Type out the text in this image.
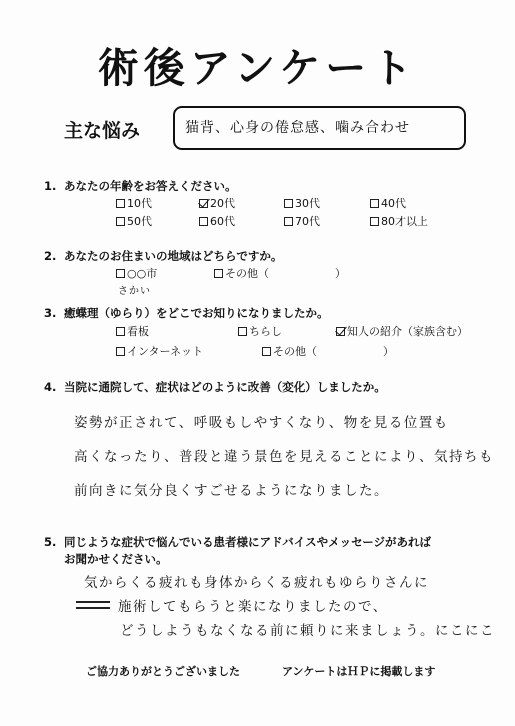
術後アンケート
主な悩み	猫背、心身の倦怠感、噛み合わせ
1. あなたの年齢をお答えください。
10代	20代	30代	40代
50代	60代	70代	80才以上
2. あなたのお住まいの地域はどちらですか。
○○市	その他（　　　　　　）
さかい
3. 癒蝶理（ゆらり）をどこでお知りになりましたか。
看板	ちらし	知人の紹介（家族含む）
インターネット	その他（　　　　　　）
4. 当院に通院して、症状はどのように改善（変化）しましたか。
姿勢が正されて、呼吸もしやすくなり、物を見る位置も
高くなったり、普段と違う景色を見えることにより、気持ちも
前向きに気分良くすごせるようになりました。
5. 同じような症状で悩んでいる患者様にアドバイスやメッセージがあれば
お聞かせください。
気からくる疲れも身体からくる疲れもゆらりさんに
施術してもらうと楽になりましたので、
どうしようもなくなる前に頼りに来ましょう。にこにこ
ご協力ありがとうございました	アンケートはＨＰに掲載します
